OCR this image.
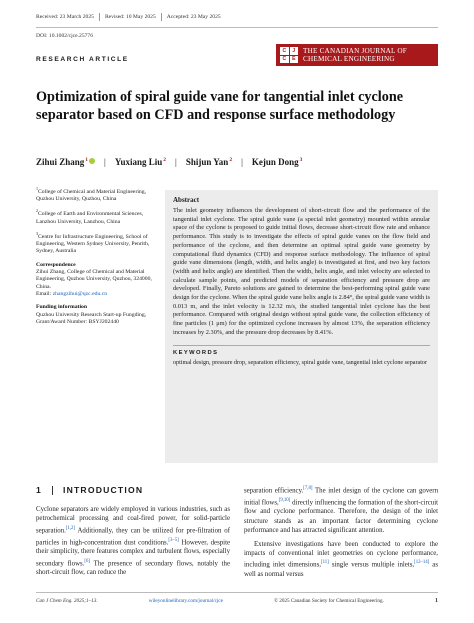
Received: 23 March 2025 Revised: 10 May 2025 Accepted: 23 May 2025
DOI: 10.1002/cjce.25776
C	J
C	E
THE CANADIAN JOURNAL OF
CHEMICAL ENGINEERING
RESEARCH ARTICLE
Optimization of spiral guide vane for tangential inlet cyclone separator based on CFD and response surface methodology
Zihui Zhang$^1$ | Yuxiang Liu$^2$ | Shijun Yan$^2$ | Kejun Dong$^3$
$^1$College of Chemical and Material Engineering, Quzhou University, Quzhou, China
$^2$College of Earth and Environmental Sciences, Lanzhou University, Lanzhou, China
$^3$Centre for Infrastructure Engineering, School of Engineering, Western Sydney University, Penrith, Sydney, Australia
Correspondence
Zihui Zhang, College of Chemical and Material Engineering, Quzhou University, Quzhou, 324000, China.
Email: zhangzihui@qzc.edu.cn
Funding information
Quzhou University Research Start-up Fungding, Grant/Award Number: BSYJ202440
Abstract

The inlet geometry influences the development of short-circuit flow and the performance of the tangential inlet cyclone. The spiral guide vane (a special inlet geometry) mounted within annular space of the cyclone is proposed to guide initial flows, decrease short-circuit flow rate and enhance performance. This study is to investigate the effects of spiral guide vanes on the flow field and performance of the cyclone, and then determine an optimal spiral guide vane geometry by computational fluid dynamics (CFD) and response surface methodology. The influence of spiral guide vane dimensions (length, width, and helix angle) is investigated at first, and two key factors (width and helix angle) are identified. Then the width, helix angle, and inlet velocity are selected to calculate sample points, and predicted models of separation efficiency and pressure drop are developed. Finally, Pareto solutions are gained to determine the best-performing spiral guide vane design for the cyclone. When the spiral guide vane helix angle is 2.84°, the spiral guide vane width is 0.013 m, and the inlet velocity is 12.32 m/s, the studied tangential inlet cyclone has the best performance. Compared with original design without spiral guide vane, the collection efficiency of fine particles (1 μm) for the optimized cyclone increases by almost 13%, the separation efficiency increases by 2.30%, and the pressure drop decreases by 8.41%.

KEYWORDS
optimal design, pressure drop, separation efficiency, spiral guide vane, tangential inlet cyclone separator
1 INTRODUCTION

Cyclone separators are widely employed in various industries, such as petrochemical processing and coal-fired power, for solid-particle separation.[1,2] Additionally, they can be utilized for pre-filtration of particles in high-concentration dust conditions.[3–5] However, despite their simplicity, there features complex and turbulent flows, especially secondary flows.[6] The presence of secondary flows, notably the short-circuit flow, can reduce the

separation efficiency.[7,8] The inlet design of the cyclone can govern initial flows,[9,10] directly influencing the formation of the short-circuit flow and cyclone performance. Therefore, the design of the inlet structure stands as an important factor determining cyclone performance and has attracted significant attention.

Extensive investigations have been conducted to explore the impacts of conventional inlet geometries on cyclone performance, including inlet dimensions,[11] single versus multiple inlets,[12–14] as well as normal versus

Can J Chem Eng. 2025;1–13.	wileyonlinelibrary.com/journal/cjce	© 2025 Canadian Society for Chemical Engineering.	1
